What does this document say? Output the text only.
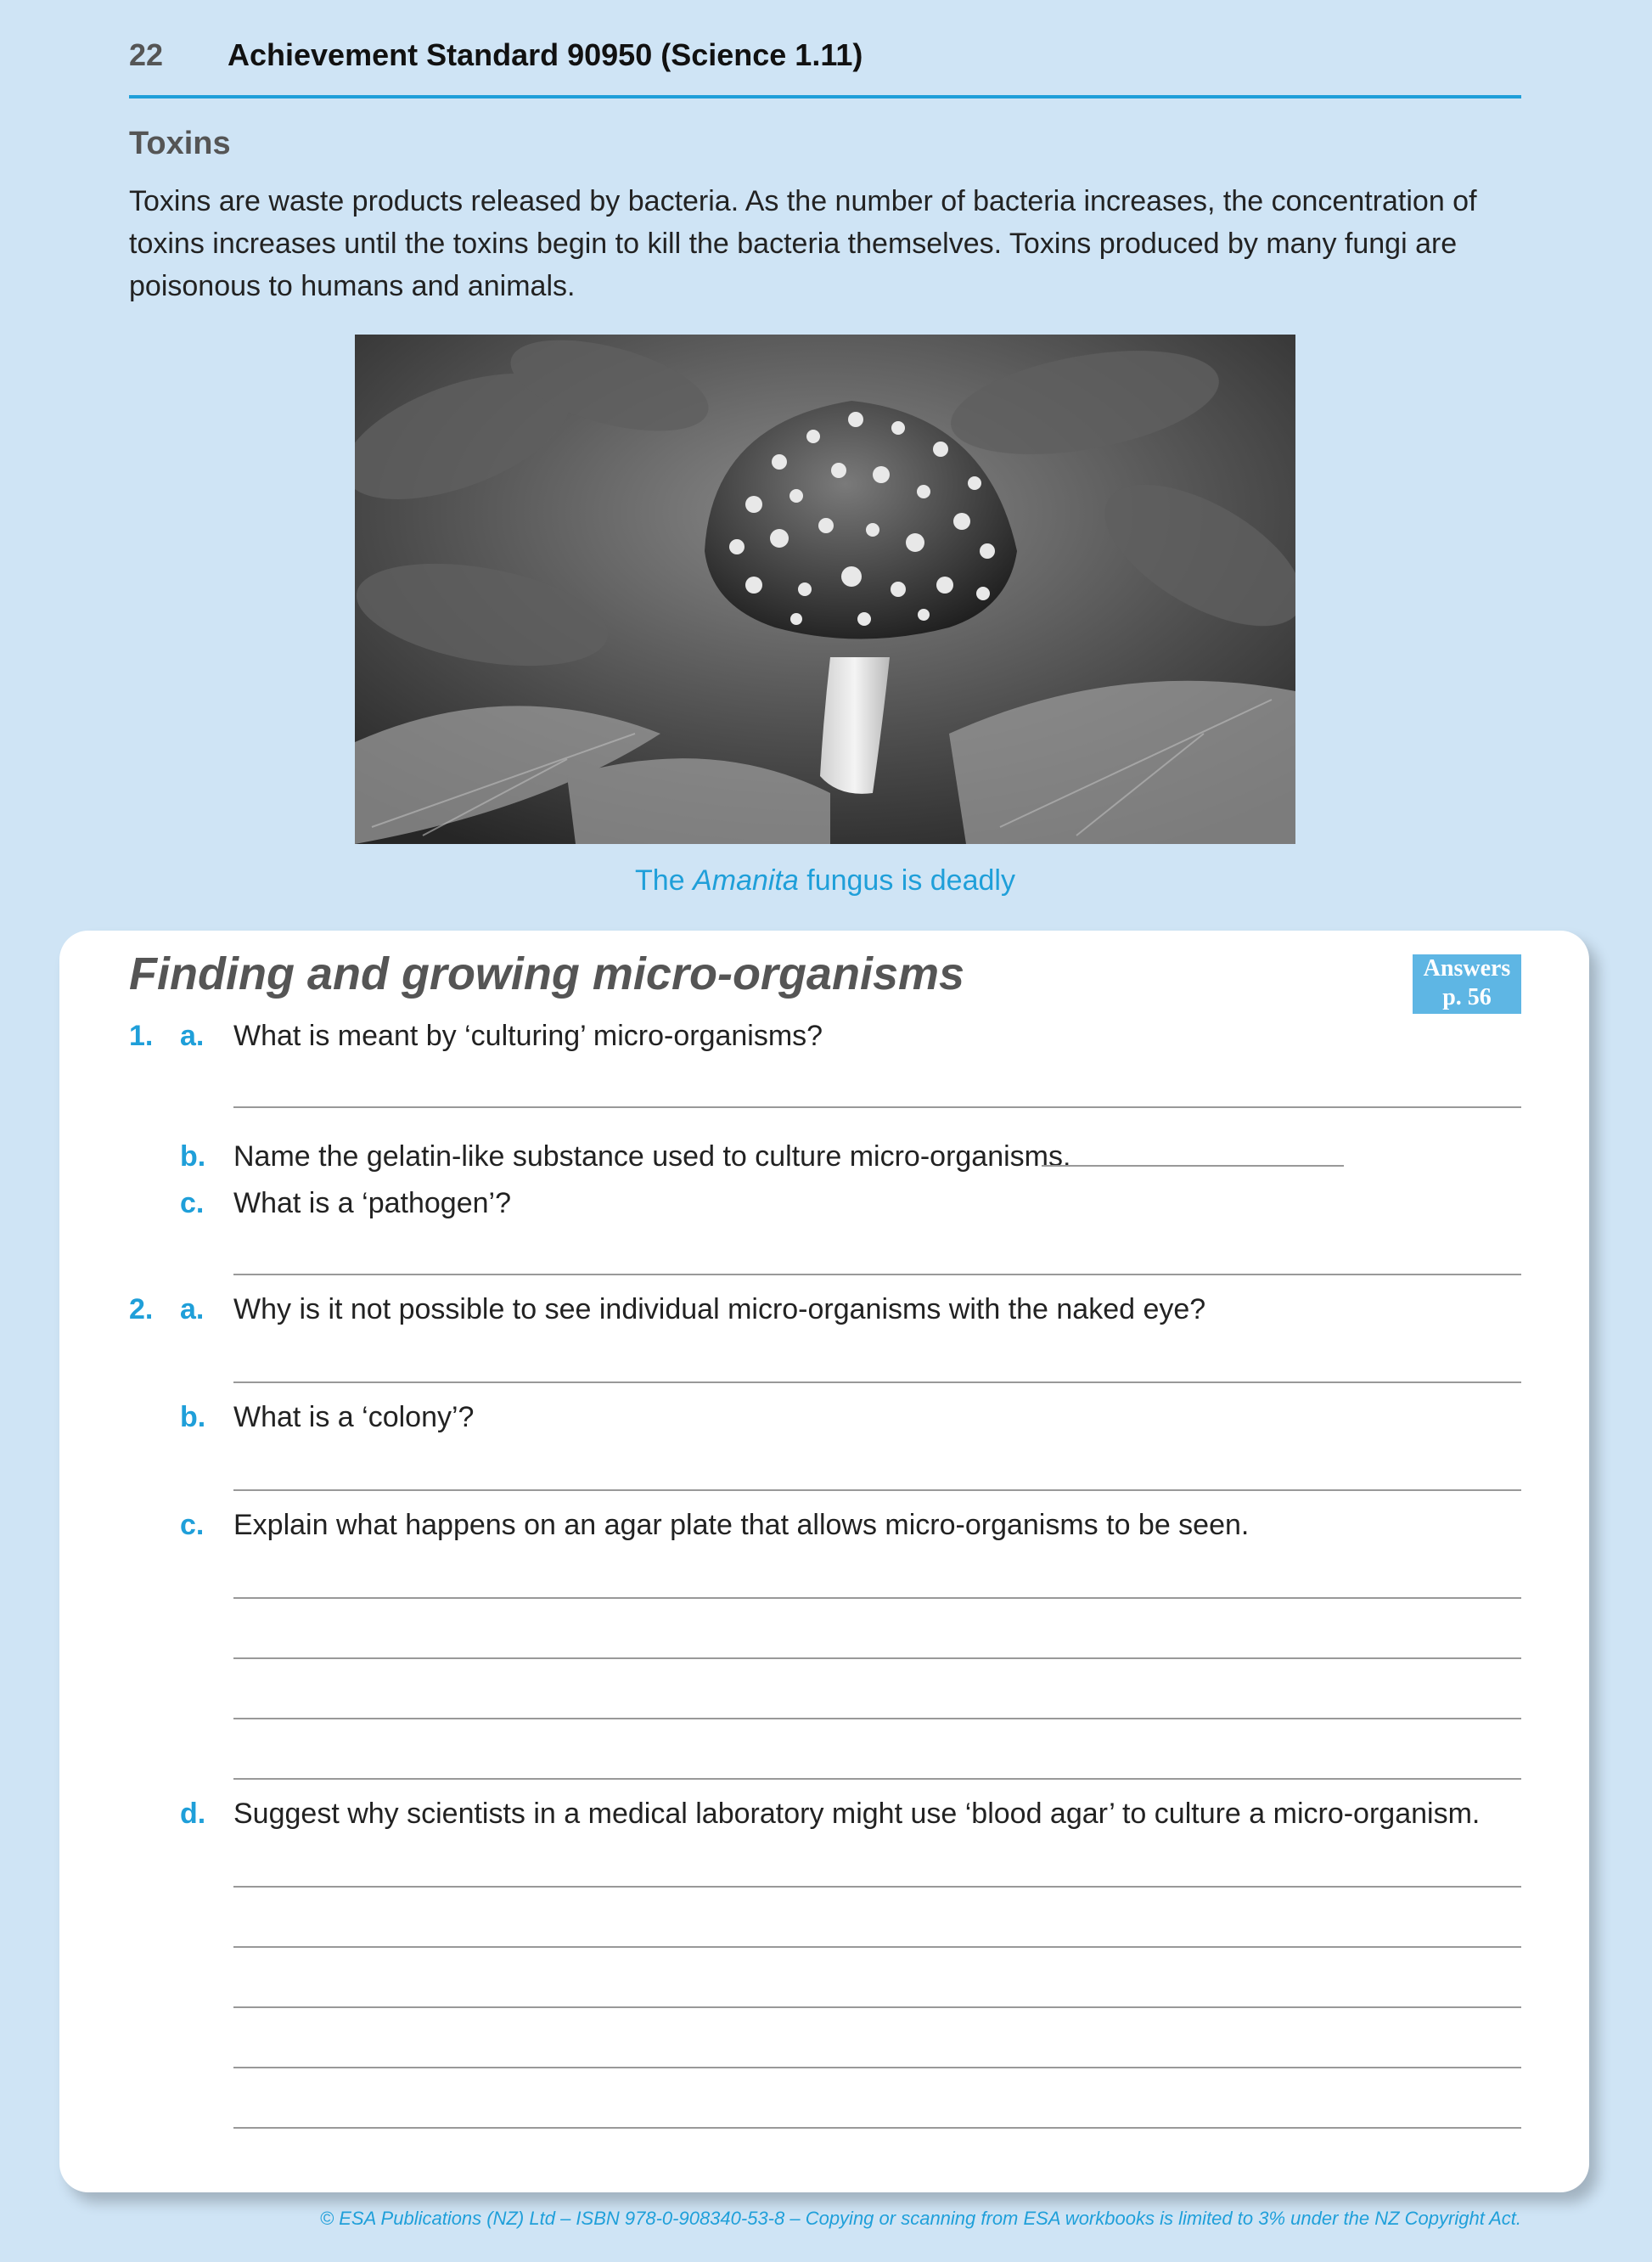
22 Achievement Standard 90950 (Science 1.11)
Toxins

Toxins are waste products released by bacteria. As the number of bacteria increases, the concentration of toxins increases until the toxins begin to kill the bacteria themselves. Toxins produced by many fungi are poisonous to humans and animals.

The Amanita fungus is deadly
Finding and growing micro-organisms	Answers
p. 56
1. a. What is meant by ‘culturing’ micro-organisms?
b. Name the gelatin-like substance used to culture micro-organisms.
c. What is a ‘pathogen’?
2. a. Why is it not possible to see individual micro-organisms with the naked eye?
b. What is a ‘colony’?
c. Explain what happens on an agar plate that allows micro-organisms to be seen.
d. Suggest why scientists in a medical laboratory might use ‘blood agar’ to culture a micro-organism.
© ESA Publications (NZ) Ltd – ISBN 978-0-908340-53-8 – Copying or scanning from ESA workbooks is limited to 3% under the NZ Copyright Act.
